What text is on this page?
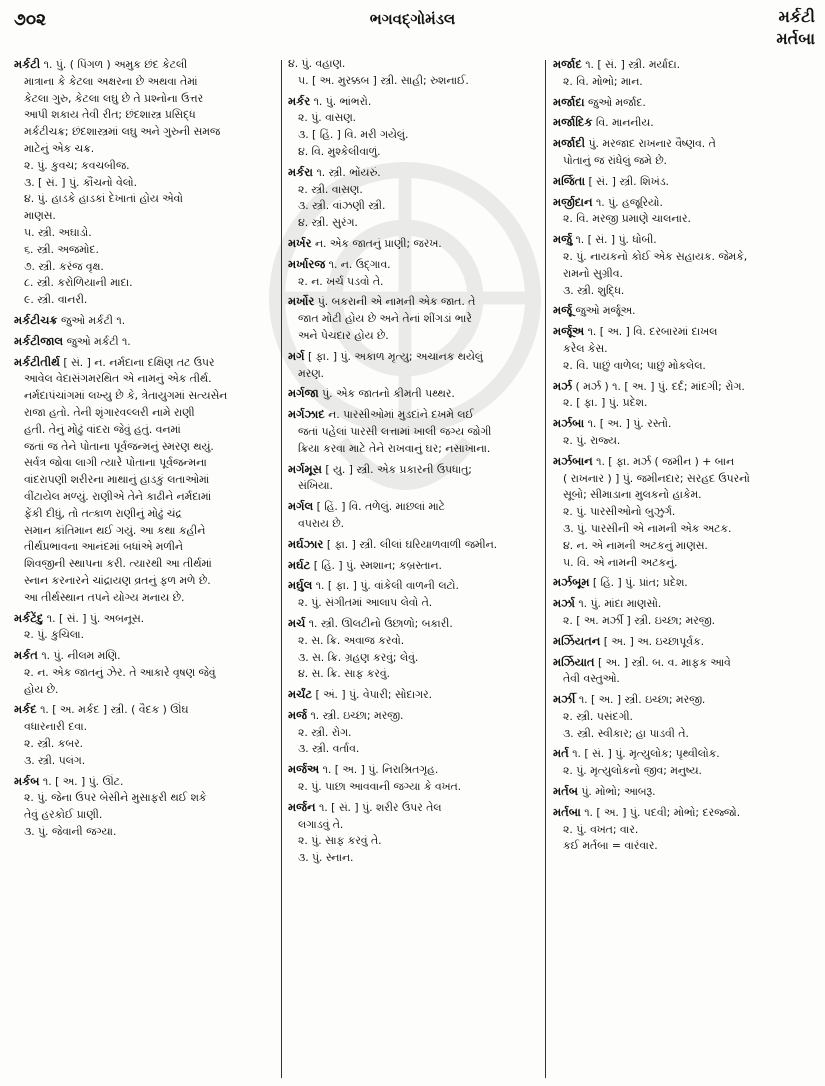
૭૦૨	ભગવદ્ગોમંડલ	મર્કટી
મર્તબા
મર્કટી ૧. પું. ( પિંગળ ) અમુક છંદ કેટલી
માત્રાના કે કેટલા અક્ષરના છે અથવા તેમાં
કેટલા ગુરુ, કેટલા લઘુ છે તે પ્રશ્નોના ઉત્તર
આપી શકાય તેવી રીત; છંદશાસ્ત્ર પ્રસિદ્ધ
મર્કટીચક્ર; છંદશાસ્ત્રમાં લઘુ અને ગુરુની સમજ
માટેનું એક ચક્ર.
૨. પું. કુવચ; કવચબીજ.
૩. [ સં. ] પું. કૌંચનો વેલો.
૪. પું. હાડકે હાડકાં દેખાતાં હોય એવો
માણસ.
૫. સ્ત્રી. અઘાડો.
૬. સ્ત્રી. અજમોદ.
૭. સ્ત્રી. કરંજ વૃક્ષ.
૮. સ્ત્રી. કરોળિયાની માદા.
૯. સ્ત્રી. વાનરી.
મર્કટીચક્ર જુઓ મર્કટી ૧.
મર્કટીજાલ જુઓ મર્કટી ૧.
મર્કટીતીર્થ [ સં. ] ન. નર્મદાના દક્ષિણ તટ ઉપર
આવેલ વેદાસંગમરથિત એ નામનું એક તીર્થ.
નર્મદાપંચાંગમાં લખ્યુ છે કે, ત્રેતાયુગમાં સત્યસેન
રાજા હતો. તેની શૃંગારવલ્લરી નામે રાણી
હતી. તેનું મોઢું વાંદરા જેવું હતું. વનમાં
જતાં જ તેને પોતાના પૂર્વજન્મનું સ્મરણ થયું.
સર્વત્ર જોવા લાગી ત્યારે પોતાના પૂર્વજન્મના
વાંદરાપણી શરીરના માથાનું હાડકું લતાઓમાં
વીંટાયેલ મળ્યું. રાણીએ તેને કાઢીને નર્મદામાં
ફેંકી દીધું, તો તત્કાળ રાણીનું મોઢું ચંદ્ર
સમાન કાંતિમાન થઈ ગયું. આ કથા કહીને
તીર્થપ્રભાવના આનંદમાં બધાંએ મળીને
શિવજીની સ્થાપના કરી. ત્યારથી આ તીર્થમાં
સ્નાન કરનારને ચાંદ્રાયણ વ્રતનું ફળ મળે છે.
આ તીર્થસ્થાન તપને યોગ્ય મનાય છે.
મર્કટેંદુ ૧. [ સં. ] પું. અબનૂસ.
૨. પું. કુચિલા.
મર્કત ૧. પું. નીલમ મણિ.
૨. ન. એક જાતનું ઝેર. તે આકારે વૃષણ જેવું
હોય છે.
મર્કદ ૧. [ અ. મર્કદ ] સ્ત્રી. ( વૈદક ) ઊંઘ
વધારનારી દવા.
૨. સ્ત્રી. કબર.
૩. સ્ત્રી. પલંગ.
મર્કબ ૧. [ અ. ] પું. ઊંટ.
૨. પું. જેના ઉપર બેસીને મુસાફરી થઈ શકે
તેવું હરકોઈ પ્રાણી.
૩. પું. જેવાની જગ્યા.
૪. પું. વહાણ.
૫. [ અ. મુરક્કબ ] સ્ત્રી. સાહી; રુશનાઈ.
મર્કર ૧. પું. ભાંભરો.
૨. પું. વાસણ.
૩. [ હિં. ] વિ. મરી ગયેલું.
૪. વિ. મુશ્કેલીવાળું.
મર્કરા ૧. સ્ત્રી. ભોંયરું.
૨. સ્ત્રી. વાસણ.
૩. સ્ત્રી. વાંઝણી સ્ત્રી.
૪. સ્ત્રી. સુરંગ.
મર્ખર ન. એક જાતનું પ્રાણી; જરખ.
મર્ખારજ ૧. ન. ઉદ્ગાવ.
૨. ન. ખર્ચ પડવો તે.
મર્ખોર પું. બકરાની એ નામની એક જાત. તે
જાત મોટી હોય છે અને તેનાં શીંગડાં ભારે
અને પેચદાર હોય છે.
મર્ગ [ ફા. ] પું. અકાળ મૃત્યુ; અચાનક થયેલું
મરણ.
મર્ગજા પું. એક જાતનો કીમતી પથ્થર.
મર્ગઝાદ ન. પારસીઓમાં મુડદાંને દખમે લઈ
જતાં પહેલાં પારસી લત્તામાં ખાલી જગ્ય જોગી
ક્રિયા કરવા માટે તેને રાખવાનું ઘર; નસાખાના.
મર્ગમૂસ [ યુ. ] સ્ત્રી. એક પ્રકારની ઉપધાતુ;
સંખિયા.
મર્ગલ [ હિં. ] વિ. તળેલું. માછલાં માટે
વપરાય છે.
મર્ઘઝાર [ ફા. ] સ્ત્રી. લીલાં ઘરિયાળવાળી જમીન.
મર્ઘટ [ હિં. ] પું. સ્મશાન; કબ્રસ્તાન.
મર્ઘુલ ૧. [ ફા. ] પું. વાંકેલી વાળની લટો.
૨. પું. સંગીતમાં આલાપ લેવો તે.
મર્ચ ૧. સ્ત્રી. ઊલટીનો ઉછાળો; બકારી.
૨. સ. ક્રિ. અવાજ કરવો.
૩. સ. ક્રિ. ગ્રહણ કરવું; લેવું.
૪. સ. ક્રિ. સાફ કરવું.
મર્ચંટ [ અં. ] પું. વેપારી; સોદાગર.
મર્જ ૧. સ્ત્રી. ઇચ્છા; મરજી.
૨. સ્ત્રી. રોગ.
૩. સ્ત્રી. વર્તાવ.
મર્જઅ ૧. [ અ. ] પું. નિરાશ્રિતગૃહ.
૨. પું. પાછા આવવાની જગ્યા કે વખત.
મર્જન ૧. [ સં. ] પું. શરીર ઉપર તેલ
લગાડવું તે.
૨. પું. સાફ કરવું તે.
૩. પું. સ્નાન.
મર્જાદ ૧. [ સં. ] સ્ત્રી. મર્યાદા.
૨. વિ. મોભો; માન.
મર્જાદા જુઓ મર્જાદ.
મર્જાદિક વિ. માનનીય.
મર્જાદી પું. મરજાદ રાખનાર વૈષ્ણવ. તે
પોતાનું જ રાંધેલું જમે છે.
મર્જિતા [ સં. ] સ્ત્રી. શિખંડ.
મર્જીદાન ૧. પું. હજૂરિયો.
૨. વિ. મરજી પ્રમાણે ચાલનાર.
મર્જુ ૧. [ સં. ] પું. ધોબી.
૨. પું. નાયકનો કોઈ એક સહાયક. જેમકે,
રામનો સુગ્રીવ.
૩. સ્ત્રી. શુદ્ધિ.
મર્જૂ જુઓ મર્જૂઅ.
મર્જૂઅ ૧. [ અ. ] વિ. દરબારમાં દાખલ
કરેલ કેસ.
૨. વિ. પાછું વાળેલ; પાછું મોકલેલ.
મર્ઝ ( મર્ઝ ) ૧. [ અ. ] પું. દર્દ; માંદગી; રોગ.
૨. [ ફા. ] પું. પ્રદેશ.
મર્ઝબા ૧. [ અ. ] પું. રસ્તો.
૨. પું. રાજ્ય.
મર્ઝબાન ૧. [ ફા. મર્ઝ ( જમીન ) + બાન
( રાખનાર ) ] પું. જમીનદાર; સરહદ ઉપરનો
સૂબો; સીમાડાના મુલકનો હાકેમ.
૨. પું. પારસીઓનો બુઝુર્ગ.
૩. પું. પારસીની એ નામની એક અટક.
૪. ન. એ નામની અટકનું માણસ.
૫. વિ. એ નામની અટકનું.
મર્ઝબૂમ [ હિં. ] પું. પ્રાંત; પ્રદેશ.
મર્ઝા ૧. પું. માંદા માણસો.
૨. [ અ. મર્ઝી ] સ્ત્રી. ઇચ્છા; મરજી.
મર્ઝિયતન [ અ. ] અ. ઇચ્છાપૂર્વક.
મર્ઝિયાત [ અ. ] સ્ત્રી. બ. વ. માફક આવે
તેવી વસ્તુઓ.
મર્ઝી ૧. [ અ. ] સ્ત્રી. ઇચ્છા; મરજી.
૨. સ્ત્રી. પસંદગી.
૩. સ્ત્રી. સ્વીકાર; હા પાડવી તે.
મર્ત ૧. [ સં. ] પું. મૃત્યુલોક; પૃથ્વીલોક.
૨. પું. મૃત્યુલોકનો જીવ; મનુષ્ય.
મર્તબ પું. મોભો; આબરૂ.
મર્તબા ૧. [ અ. ] પું. પદવી; મોભો; દરજ્જો.
૨. પું. વખત; વાર.
કઈ મર્તબા = વારંવાર.
